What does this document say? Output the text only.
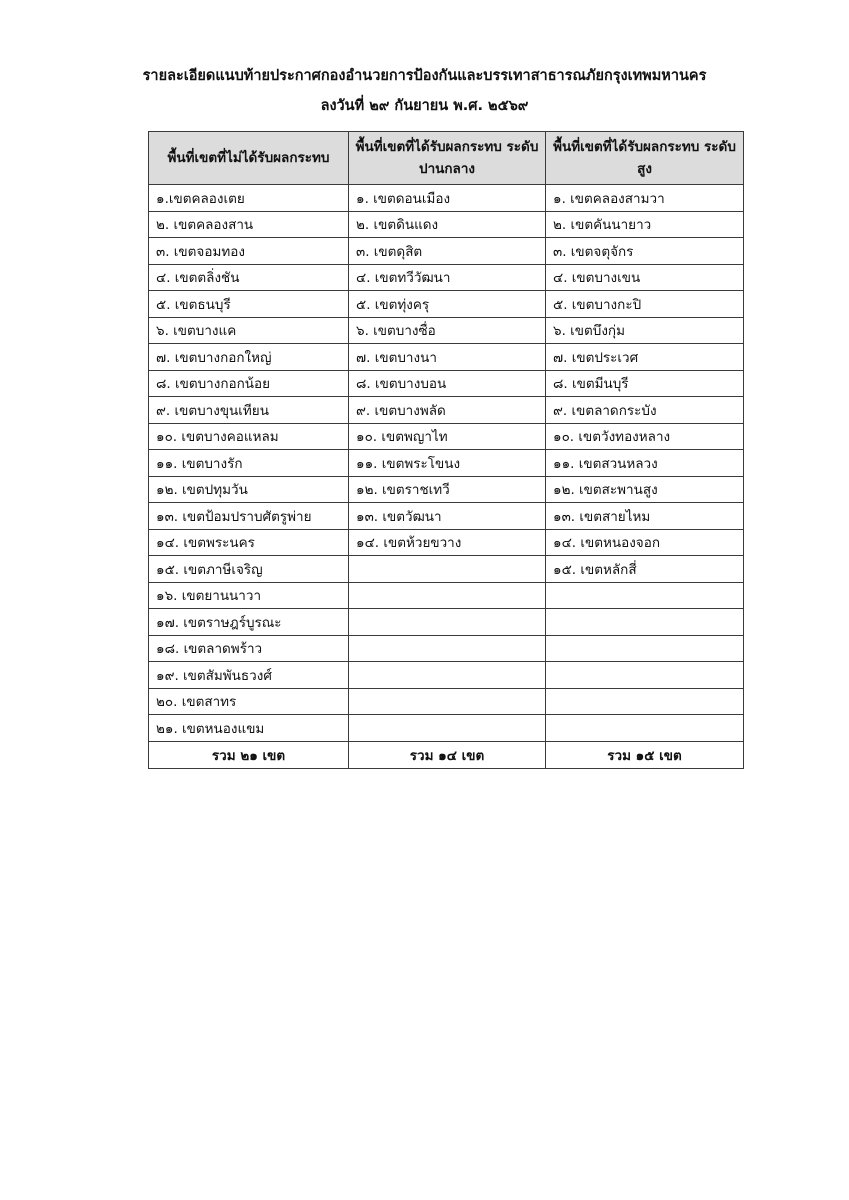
รายละเอียดแนบท้ายประกาศกองอำนวยการป้องกันและบรรเทาสาธารณภัยกรุงเทพมหานคร
ลงวันที่ ๒๙ กันยายน พ.ศ. ๒๕๖๙
พื้นที่เขตที่ไม่ได้รับผลกระทบ	พื้นที่เขตที่ได้รับผลกระทบ ระดับปานกลาง	พื้นที่เขตที่ได้รับผลกระทบ ระดับสูง
๑.เขตคลองเตย	๑. เขตดอนเมือง	๑. เขตคลองสามวา
๒. เขตคลองสาน	๒. เขตดินแดง	๒. เขตคันนายาว
๓. เขตจอมทอง	๓. เขตดุสิต	๓. เขตจตุจักร
๔. เขตตลิ่งชัน	๔. เขตทวีวัฒนา	๔. เขตบางเขน
๕. เขตธนบุรี	๕. เขตทุ่งครุ	๕. เขตบางกะปิ
๖. เขตบางแค	๖. เขตบางซื่อ	๖. เขตบึงกุ่ม
๗. เขตบางกอกใหญ่	๗. เขตบางนา	๗. เขตประเวศ
๘. เขตบางกอกน้อย	๘. เขตบางบอน	๘. เขตมีนบุรี
๙. เขตบางขุนเทียน	๙. เขตบางพลัด	๙. เขตลาดกระบัง
๑๐. เขตบางคอแหลม	๑๐. เขตพญาไท	๑๐. เขตวังทองหลาง
๑๑. เขตบางรัก	๑๑. เขตพระโขนง	๑๑. เขตสวนหลวง
๑๒. เขตปทุมวัน	๑๒. เขตราชเทวี	๑๒. เขตสะพานสูง
๑๓. เขตป้อมปราบศัตรูพ่าย	๑๓. เขตวัฒนา	๑๓. เขตสายไหม
๑๔. เขตพระนคร	๑๔. เขตห้วยขวาง	๑๔. เขตหนองจอก
๑๕. เขตภาษีเจริญ		๑๕. เขตหลักสี่
๑๖. เขตยานนาวา		
๑๗. เขตราษฎร์บูรณะ		
๑๘. เขตลาดพร้าว		
๑๙. เขตสัมพันธวงศ์		
๒๐. เขตสาทร		
๒๑. เขตหนองแขม		
รวม ๒๑ เขต	รวม ๑๔ เขต	รวม ๑๕ เขต
